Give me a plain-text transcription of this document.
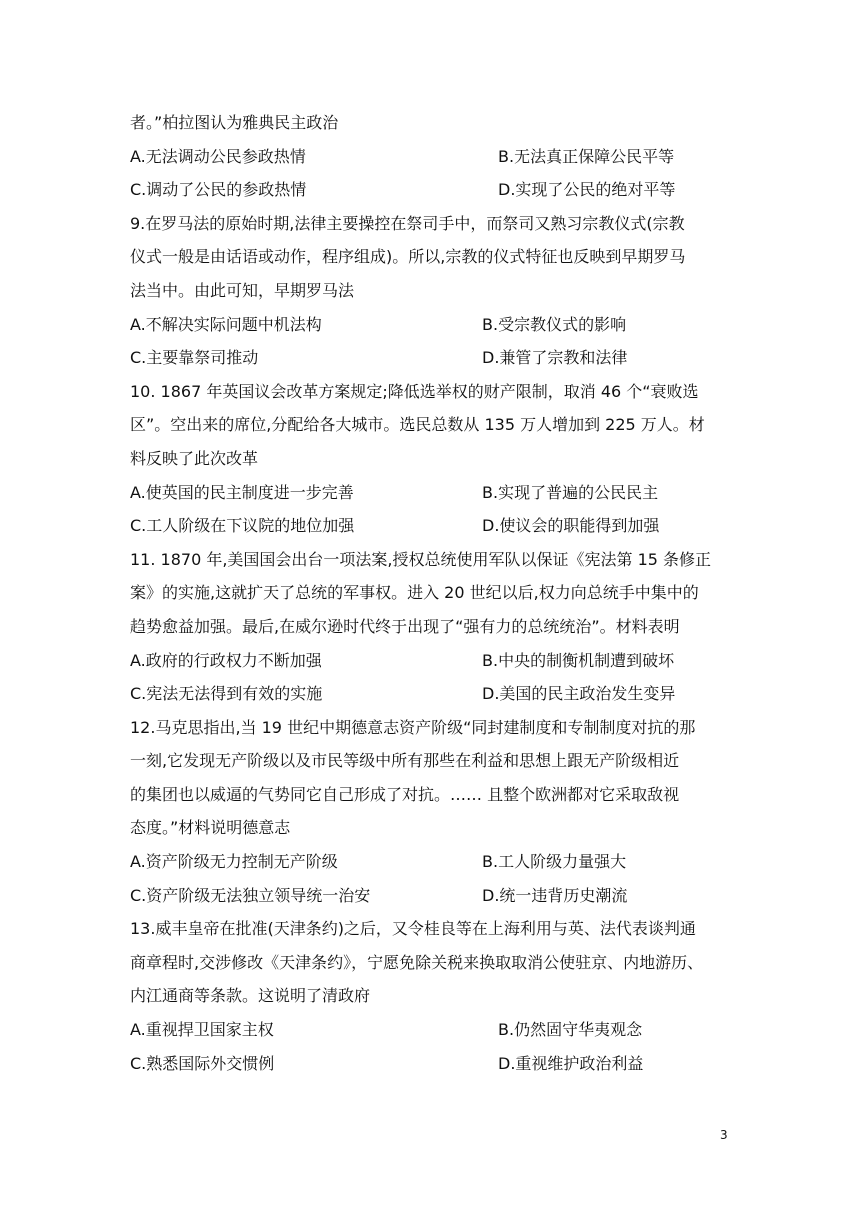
者。”柏拉图认为雅典民主政治
A.无法调动公民参政热情	B.无法真正保障公民平等
C.调动了公民的参政热情	D.实现了公民的绝对平等
9.在罗马法的原始时期,法律主要操控在祭司手中，而祭司又熟习宗教仪式(宗教
仪式一般是由话语或动作，程序组成)。所以,宗教的仪式特征也反映到早期罗马
法当中。由此可知，早期罗马法
A.不解决实际问题中机法构	B.受宗教仪式的影响
C.主要靠祭司推动	D.兼管了宗教和法律
10. 1867 年英国议会改革方案规定;降低选举权的财产限制，取消 46 个“衰败选
区”。空出来的席位,分配给各大城市。选民总数从 135 万人增加到 225 万人。材
料反映了此次改革
A.使英国的民主制度进一步完善	B.实现了普遍的公民民主
C.工人阶级在下议院的地位加强	D.使议会的职能得到加强
11. 1870 年,美国国会出台一项法案,授权总统使用军队以保证《宪法第 15 条修正
案》的实施,这就扩天了总统的军事权。进入 20 世纪以后,权力向总统手中集中的
趋势愈益加强。最后,在威尔逊时代终于出现了“强有力的总统统治”。材料表明
A.政府的行政权力不断加强	B.中央的制衡机制遭到破坏
C.宪法无法得到有效的实施	D.美国的民主政治发生变异
12.马克思指出,当 19 世纪中期德意志资产阶级“同封建制度和专制制度对抗的那
一刻,它发现无产阶级以及市民等级中所有那些在利益和思想上跟无产阶级相近
的集团也以威逼的气势同它自己形成了对抗。…… 且整个欧洲都对它采取敌视
态度。”材料说明德意志
A.资产阶级无力控制无产阶级	B.工人阶级力量强大
C.资产阶级无法独立领导统一治安	D.统一违背历史潮流
13.威丰皇帝在批准(天津条约)之后，又令桂良等在上海利用与英、法代表谈判通
商章程时,交涉修改《天津条约》，宁愿免除关税来换取取消公使驻京、内地游历、
内江通商等条款。这说明了清政府
A.重视捍卫国家主权	B.仍然固守华夷观念
C.熟悉国际外交惯例	D.重视维护政治利益
3
